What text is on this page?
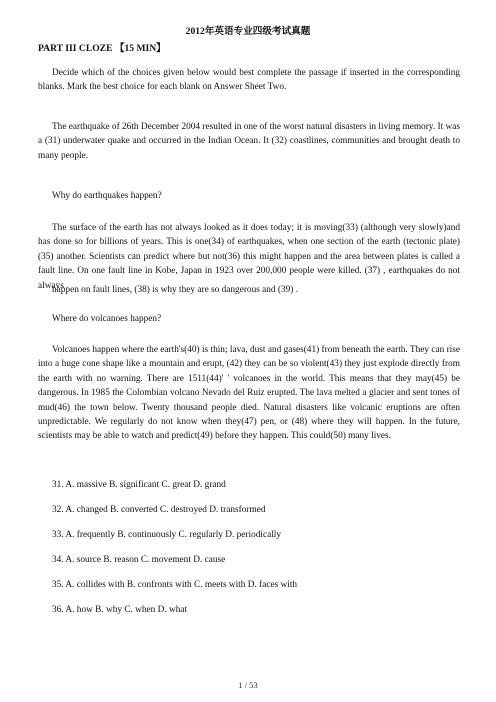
2012年英语专业四级考试真题
PART III CLOZE 【15 MIN】

Decide which of the choices given below would best complete the passage if inserted in the corresponding blanks. Mark the best choice for each blank on Answer Sheet Two.

The earthquake of 26th December 2004 resulted in one of the worst natural disasters in living memory. It was a (31) underwater quake and occurred in the Indian Ocean. It (32) coastlines, communities and brought death to many people.

Why do earthquakes happen?

The surface of the earth has not always looked as it does today; it is moving(33) (although very slowly)and has done so for billions of years. This is one(34) of earthquakes, when one section of the earth (tectonic plate)(35) another. Scientists can predict where but not(36) this might happen and the area between plates is called a fault line. On one fault line in Kobe, Japan in 1923 over 200,000 people were killed. (37) , earthquakes do not always

happen on fault lines, (38) is why they are so dangerous and (39) .

Where do volcanoes happen?

Volcanoes happen where the earth's(40) is thin; lava, dust and gases(41) from beneath the earth. They can rise into a huge cone shape like a mountain and erupt, (42) they can be so violent(43) they just explode directly from the earth with no warning. There are 1511(44)' ' volcanoes in the world. This means that they may(45) be dangerous. In 1985 the Colombian volcano Nevado del Ruiz erupted. The lava melted a glacier and sent tones of mud(46) the town below. Twenty thousand people died. Natural disasters like volcanic eruptions are often unpredictable. We regularly do not know when they(47) pen, or (48) where they will happen. In the future, scientists may be able to watch and predict(49) before they happen. This could(50) many lives.

31. A. massive B. significant C. great D. grand

32. A. changed B. converted C. destroyed D. transformed

33. A. frequently B. continuously C. regularly D. periodically

34. A. source B. reason C. movement D. cause

35. A. collides with B. confronts with C. meets with D. faces with

36. A. how B. why C. when D. what

1 / 53
